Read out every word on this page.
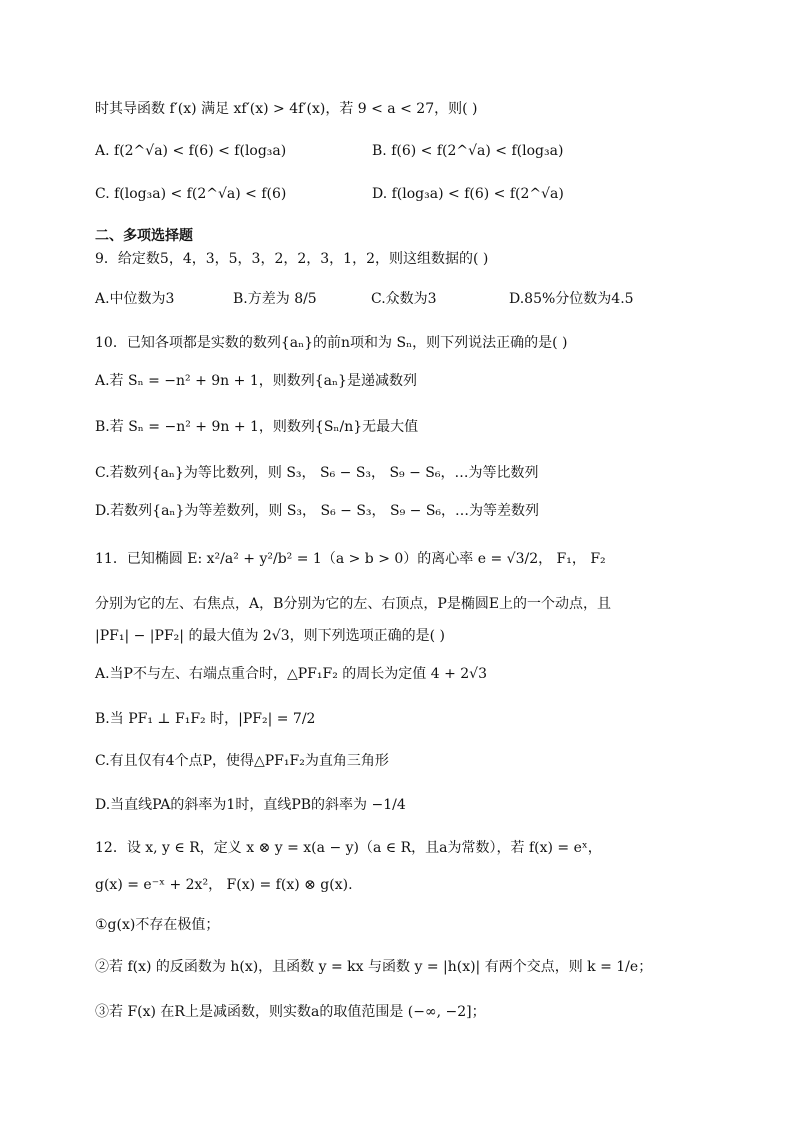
时其导函数 f′(x) 满足 xf′(x) > 4f′(x)，若 9 < a < 27，则( )
A. f(2^√a) < f(6) < f(log₃a)	B. f(6) < f(2^√a) < f(log₃a)
C. f(log₃a) < f(2^√a) < f(6)	D. f(log₃a) < f(6) < f(2^√a)
二、多项选择题
9．给定数5，4，3，5，3，2，2，3，1，2，则这组数据的( )
A.中位数为3	B.方差为 8/5	C.众数为3	D.85%分位数为4.5
10．已知各项都是实数的数列{aₙ}的前n项和为 Sₙ，则下列说法正确的是( )
A.若 Sₙ = −n² + 9n + 1，则数列{aₙ}是递减数列
B.若 Sₙ = −n² + 9n + 1，则数列{Sₙ/n}无最大值
C.若数列{aₙ}为等比数列，则 S₃， S₆ − S₃， S₉ − S₆，…为等比数列
D.若数列{aₙ}为等差数列，则 S₃， S₆ − S₃， S₉ − S₆，…为等差数列
11．已知椭圆 E: x²/a² + y²/b² = 1（a > b > 0）的离心率 e = √3/2， F₁， F₂
分别为它的左、右焦点，A，B分别为它的左、右顶点，P是椭圆E上的一个动点，且
|PF₁| − |PF₂| 的最大值为 2√3，则下列选项正确的是( )
A.当P不与左、右端点重合时，△PF₁F₂ 的周长为定值 4 + 2√3
B.当 PF₁ ⊥ F₁F₂ 时，|PF₂| = 7/2
C.有且仅有4个点P，使得△PF₁F₂为直角三角形
D.当直线PA的斜率为1时，直线PB的斜率为 −1/4
12．设 x, y ∈ R，定义 x ⊗ y = x(a − y)（a ∈ R，且a为常数），若 f(x) = eˣ，
g(x) = e⁻ˣ + 2x²， F(x) = f(x) ⊗ g(x).
①g(x)不存在极值；
②若 f(x) 的反函数为 h(x)，且函数 y = kx 与函数 y = |h(x)| 有两个交点，则 k = 1/e；
③若 F(x) 在R上是减函数，则实数a的取值范围是 (−∞, −2]；
